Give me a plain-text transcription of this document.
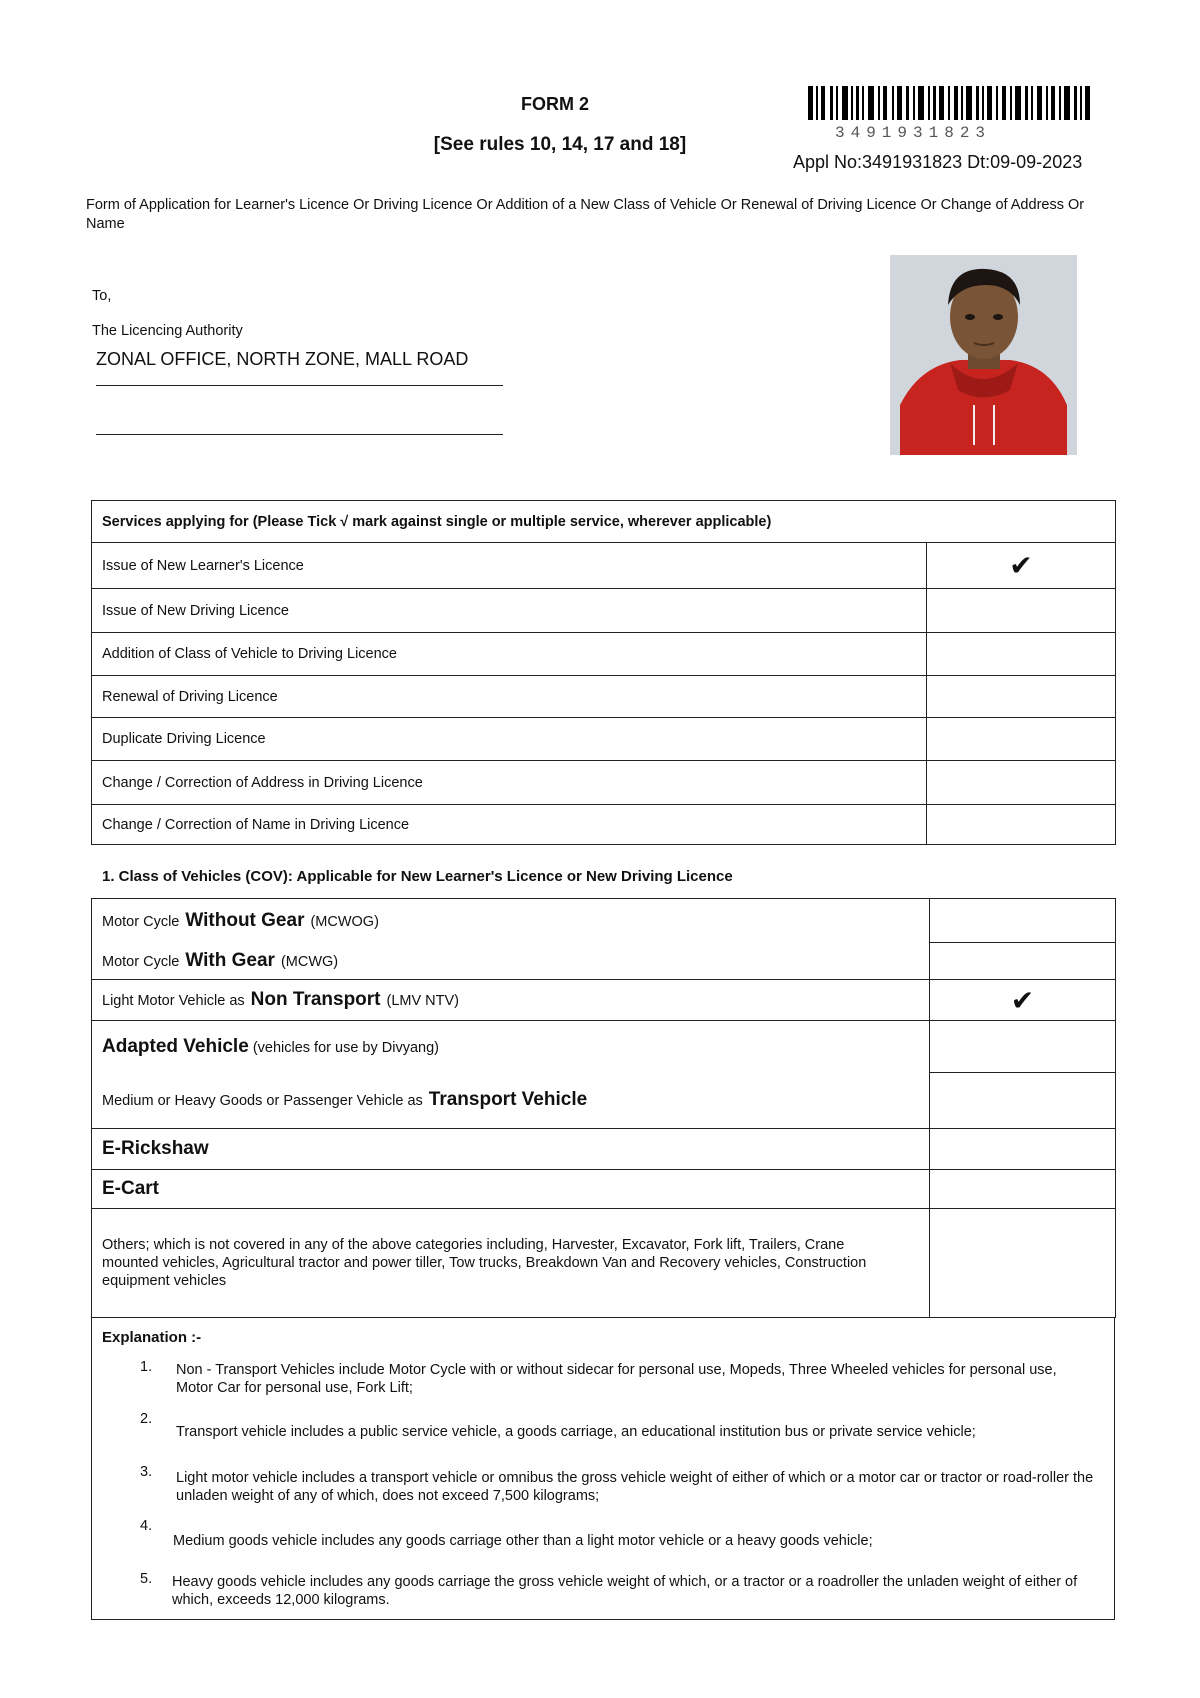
FORM 2
[See rules 10, 14, 17 and 18]
3491931823
Appl No:3491931823 Dt:09-09-2023
Form of Application for Learner's Licence Or Driving Licence Or Addition of a New Class of Vehicle Or Renewal of Driving Licence Or Change of Address Or Name
To,
The Licencing Authority
ZONAL OFFICE, NORTH ZONE, MALL ROAD
Services applying for (Please Tick √ mark against single or multiple service, wherever applicable)	
Issue of New Learner's Licence	✔
Issue of New Driving Licence	
Addition of Class of Vehicle to Driving Licence	
Renewal of Driving Licence	
Duplicate Driving Licence	
Change / Correction of Address in Driving Licence	
Change / Correction of Name in Driving Licence	
1. Class of Vehicles (COV): Applicable for New Learner's Licence or New Driving Licence
Motor Cycle Without Gear (MCWOG)	
Motor Cycle With Gear (MCWG)	
Light Motor Vehicle as Non Transport (LMV NTV)	✔
Adapted Vehicle (vehicles for use by Divyang)	
Medium or Heavy Goods or Passenger Vehicle as Transport Vehicle	
E-Rickshaw	
E-Cart	
Others; which is not covered in any of the above categories including, Harvester, Excavator, Fork lift, Trailers, Crane mounted vehicles, Agricultural tractor and power tiller, Tow trucks, Breakdown Van and Recovery vehicles, Construction equipment vehicles	
Explanation :-
1. Non - Transport Vehicles include Motor Cycle with or without sidecar for personal use, Mopeds, Three Wheeled vehicles for personal use, Motor Car for personal use, Fork Lift;
2.
Transport vehicle includes a public service vehicle, a goods carriage, an educational institution bus or private service vehicle;
3. Light motor vehicle includes a transport vehicle or omnibus the gross vehicle weight of either of which or a motor car or tractor or road-roller the unladen weight of any of which, does not exceed 7,500 kilograms;
4.
Medium goods vehicle includes any goods carriage other than a light motor vehicle or a heavy goods vehicle;
5. Heavy goods vehicle includes any goods carriage the gross vehicle weight of which, or a tractor or a roadroller the unladen weight of either of which, exceeds 12,000 kilograms.
